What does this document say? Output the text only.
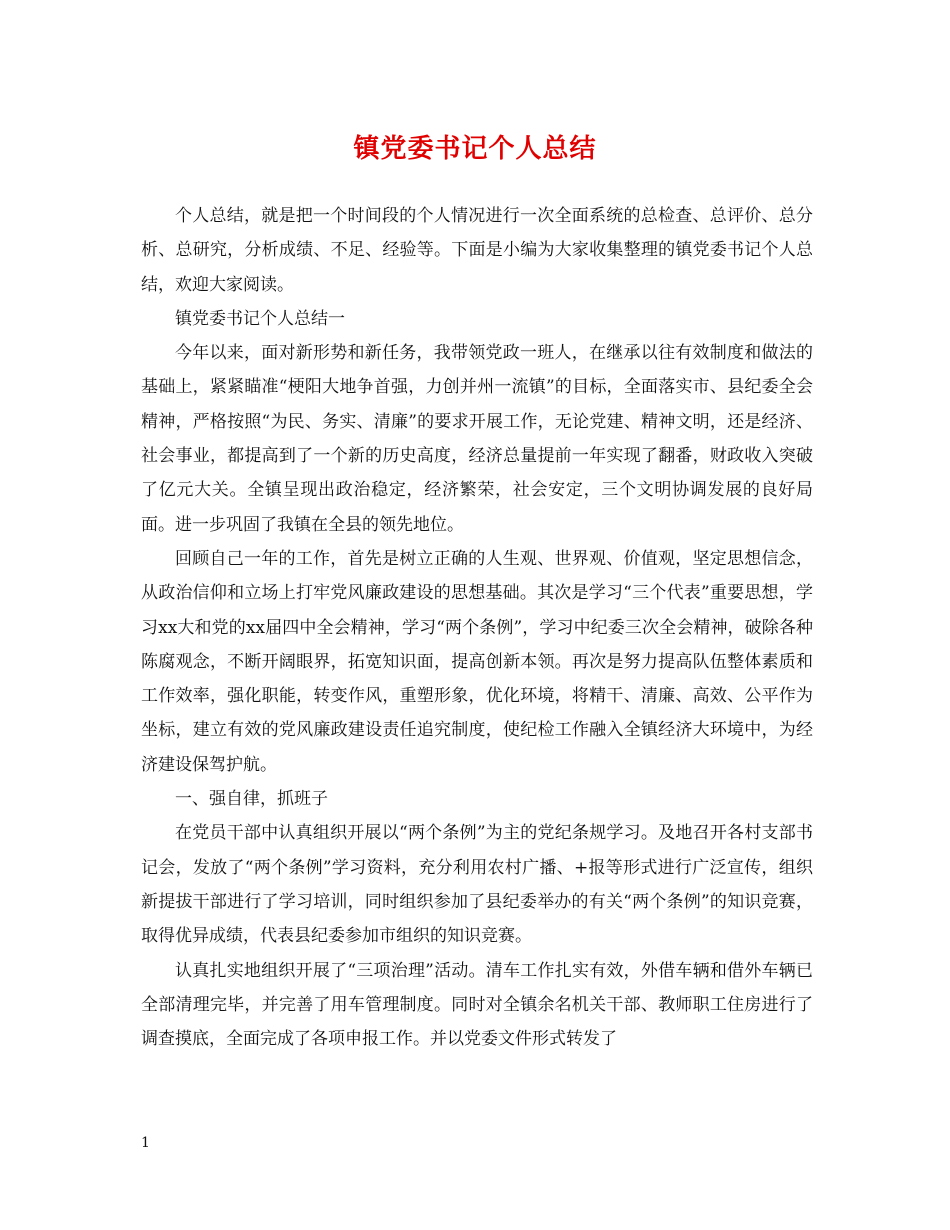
镇党委书记个人总结

个人总结，就是把一个时间段的个人情况进行一次全面系统的总检查、总评价、总分析、总研究，分析成绩、不足、经验等。下面是小编为大家收集整理的镇党委书记个人总结，欢迎大家阅读。

镇党委书记个人总结一

今年以来，面对新形势和新任务，我带领党政一班人，在继承以往有效制度和做法的基础上，紧紧瞄准“梗阳大地争首强，力创并州一流镇”的目标，全面落实市、县纪委全会精神，严格按照“为民、务实、清廉”的要求开展工作，无论党建、精神文明，还是经济、社会事业，都提高到了一个新的历史高度，经济总量提前一年实现了翻番，财政收入突破了亿元大关。全镇呈现出政治稳定，经济繁荣，社会安定，三个文明协调发展的良好局面。进一步巩固了我镇在全县的领先地位。

回顾自己一年的工作，首先是树立正确的人生观、世界观、价值观，坚定思想信念，从政治信仰和立场上打牢党风廉政建设的思想基础。其次是学习“三个代表”重要思想，学习xx大和党的xx届四中全会精神，学习“两个条例”，学习中纪委三次全会精神，破除各种陈腐观念，不断开阔眼界，拓宽知识面，提高创新本领。再次是努力提高队伍整体素质和工作效率，强化职能，转变作风，重塑形象，优化环境，将精干、清廉、高效、公平作为坐标，建立有效的党风廉政建设责任追究制度，使纪检工作融入全镇经济大环境中，为经济建设保驾护航。

一、强自律，抓班子

在党员干部中认真组织开展以“两个条例”为主的党纪条规学习。及地召开各村支部书记会，发放了“两个条例”学习资料，充分利用农村广播、+报等形式进行广泛宣传，组织新提拔干部进行了学习培训，同时组织参加了县纪委举办的有关“两个条例”的知识竞赛，取得优异成绩，代表县纪委参加市组织的知识竞赛。

认真扎实地组织开展了“三项治理”活动。清车工作扎实有效，外借车辆和借外车辆已全部清理完毕，并完善了用车管理制度。同时对全镇余名机关干部、教师职工住房进行了调查摸底，全面完成了各项申报工作。并以党委文件形式转发了

1
